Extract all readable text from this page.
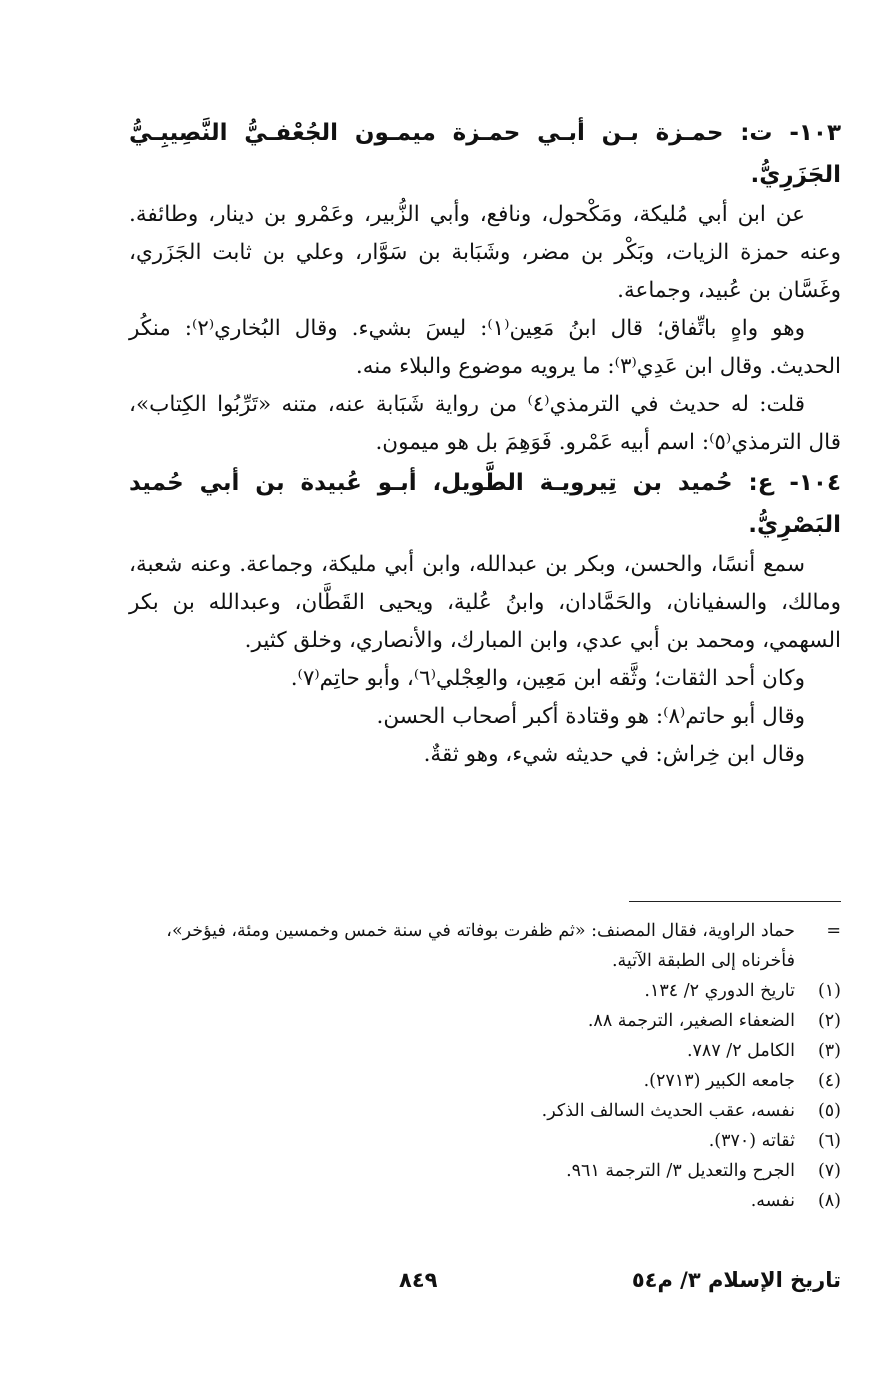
١٠٣- ت: حمـزة بـن أبـي حمـزة ميمـون الجُعْفـيُّ النَّصِيبِـيُّ الجَزَرِيُّ.

عن ابن أبي مُليكة، ومَكْحول، ونافع، وأبي الزُّبير، وعَمْرو بن دينار، وطائفة. وعنه حمزة الزيات، وبَكْر بن مضر، وشَبَابة بن سَوَّار، وعلي بن ثابت الجَزَري، وغَسَّان بن عُبيد، وجماعة.

وهو واهٍ باتِّفاق؛ قال ابنُ مَعِين⁽١⁾: ليسَ بشيء. وقال البُخاري⁽٢⁾: منكُر الحديث. وقال ابن عَدِي⁽٣⁾: ما يرويه موضوع والبلاء منه.

قلت: له حديث في الترمذي⁽٤⁾ من رواية شَبَابة عنه، متنه «تَرِّبُوا الكِتاب»، قال الترمذي⁽٥⁾: اسم أبيه عَمْرو. فَوَهِمَ بل هو ميمون.

١٠٤- ع: حُميد بن تِيرويـة الطَّويل، أبـو عُبيدة بن أبي حُميد البَصْرِيُّ.

سمع أنسًا، والحسن، وبكر بن عبدالله، وابن أبي مليكة، وجماعة. وعنه شعبة، ومالك، والسفيانان، والحَمَّادان، وابنُ عُلية، ويحيى القَطَّان، وعبدالله بن بكر السهمي، ومحمد بن أبي عدي، وابن المبارك، والأنصاري، وخلق كثير.

وكان أحد الثقات؛ وثَّقه ابن مَعِين، والعِجْلي⁽٦⁾، وأبو حاتِم⁽٧⁾.

وقال أبو حاتم⁽٨⁾: هو وقتادة أكبر أصحاب الحسن.

وقال ابن خِراش: في حديثه شيء، وهو ثقةٌ.

=
حماد الراوية، فقال المصنف: «ثم ظفرت بوفاته في سنة خمس وخمسين ومئة، فيؤخر»، فأخرناه إلى الطبقة الآتية.

(١)
تاريخ الدوري ٢/ ١٣٤.

(٢)
الضعفاء الصغير، الترجمة ٨٨.

(٣)
الكامل ٢/ ٧٨٧.

(٤)
جامعه الكبير (٢٧١٣).

(٥)
نفسه، عقب الحديث السالف الذكر.

(٦)
ثقاته (٣٧٠).

(٧)
الجرح والتعديل ٣/ الترجمة ٩٦١.

(٨)
نفسه.

تاريخ الإسلام ٣/ م٥٤
٨٤٩
